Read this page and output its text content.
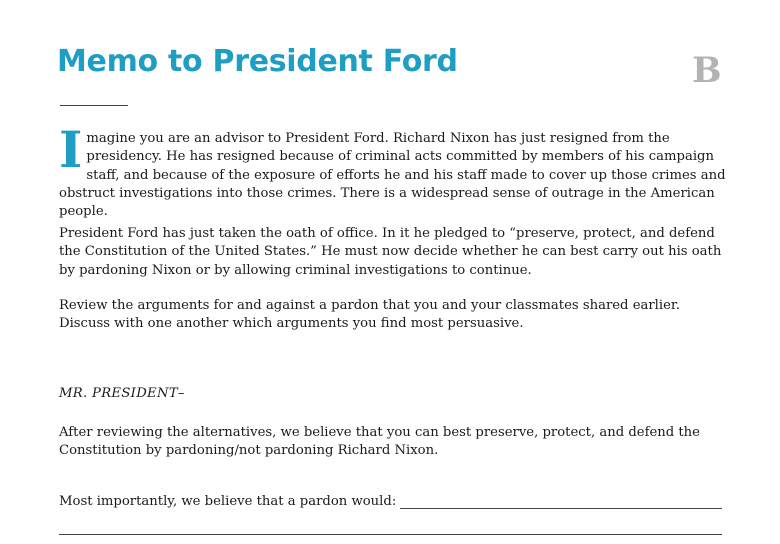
Memo to President Ford	B

Imagine you are an advisor to President Ford. Richard Nixon has just resigned from the presidency. He has resigned because of criminal acts committed by members of his campaign staff, and because of the exposure of efforts he and his staff made to cover up those crimes and obstruct investigations into those crimes. There is a widespread sense of outrage in the American people.

President Ford has just taken the oath of office. In it he pledged to “preserve, protect, and defend the Constitution of the United States.” He must now decide whether he can best carry out his oath by pardoning Nixon or by allowing criminal investigations to continue.

Review the arguments for and against a pardon that you and your classmates shared earlier. Discuss with one another which arguments you find most persuasive.

MR. PRESIDENT–

After reviewing the alternatives, we believe that you can best preserve, protect, and defend the Constitution by pardoning/not pardoning Richard Nixon.

Most importantly, we believe that a pardon would:
